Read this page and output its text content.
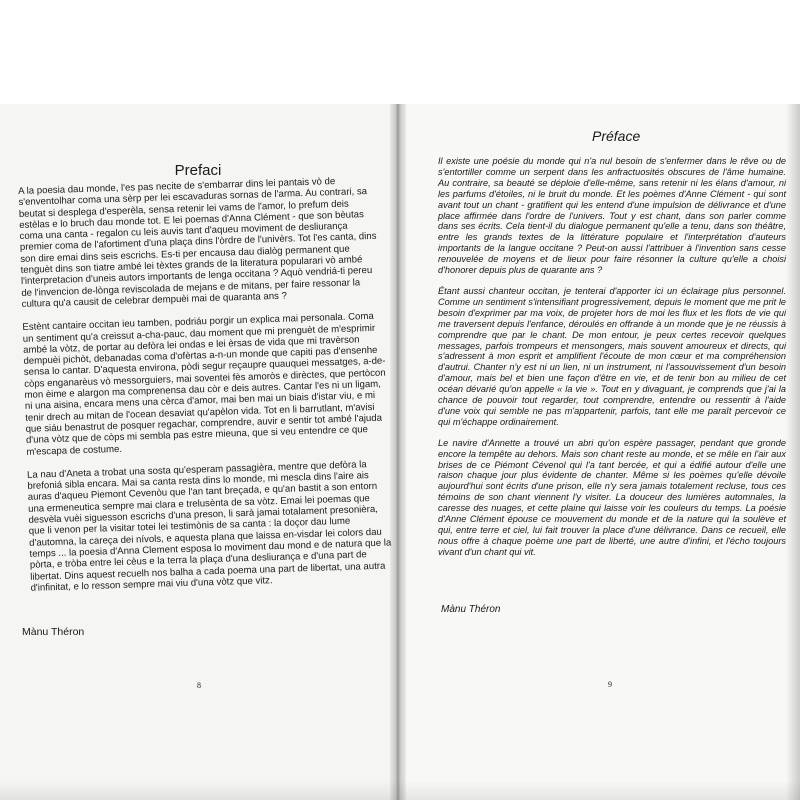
Prefaci

A la poesia dau monde, l'es pas necite de s'embarrar dins lei pantais vò de s'enventolhar coma una sèrp per lei escavaduras sornas de l'arma. Au contrari, sa beutat si desplega d'esperèla, sensa retenir lei vams de l'amor, lo prefum deis estèlas e lo bruch dau monde tot. E lei poemas d'Anna Clément - que son bèutas coma una canta - regalon cu leis auvis tant d'aqueu moviment de desliurança premier coma de l'afortiment d'una plaça dins l'òrdre de l'univèrs. Tot l'es canta, dins son dire emai dins seis escrichs. Es-ti per encausa dau dialòg permanent que tenguèt dins son tiatre ambé lei tèxtes grands de la literatura popularari vò ambé l'interpretacion d'uneis autors importants de lenga occitana ? Aquò vendriá-ti pereu de l'invencion de-lònga reviscolada de mejans e de mitans, per faire ressonar la cultura qu'a causit de celebrar dempuèi mai de quaranta ans ?

Estènt cantaire occitan ieu tamben, podriáu porgir un explica mai personala. Coma un sentiment qu'a creissut a-cha-pauc, dau moment que mi prenguèt de m'esprimir ambé la vòtz, de portar au defòra lei ondas e lei èrsas de vida que mi travèrson dempuèi pichòt, debanadas coma d'ofèrtas a-n-un monde que capiti pas d'ensenhe sensa lo cantar. D'aquesta environa, pòdi segur reçaupre quauquei messatges, a-de-còps enganarèus vò messorguiers, mai soventei fès amoròs e dirèctes, que pertòcon mon èime e alargon ma comprenensa dau còr e deis autres. Cantar l'es ni un ligam, ni una aisina, encara mens una cèrca d'amor, mai ben mai un biais d'istar viu, e mi tenir drech au mitan de l'ocean desaviat qu'apèlon vida. Tot en li barrutlant, m'avisi que siáu benastrut de posquer regachar, comprendre, auvir e sentir tot ambé l'ajuda d'una vòtz que de còps mi sembla pas estre mieuna, que si veu entendre ce que m'escapa de costume.

La nau d'Aneta a trobat una sosta qu'esperam passagièra, mentre que defòra la brefoniá sibla encara. Mai sa canta resta dins lo monde, mi mescla dins l'aire ais auras d'aqueu Piemont Cevenòu que l'an tant breçada, e qu'an bastit a son entorn una ermeneutica sempre mai clara e trelusènta de sa vòtz. Emai lei poemas que desvèla vuèi siguesson escrichs d'una preson, li sarà jamai totalament presonièra, que li venon per la visitar totei lei testimònis de sa canta : la doçor dau lume d'automna, la careça dei nívols, e aquesta plana que laissa en-visdar lei colors dau temps ... la poesia d'Anna Clement esposa lo moviment dau mond e de natura que la pòrta, e tròba entre lei cèus e la terra la plaça d'una desliurança e d'una part de libertat. Dins aquest recuelh nos balha a cada poema una part de libertat, una autra d'infinitat, e lo resson sempre mai viu d'una vòtz que vitz.

Mànu Théron
8
Préface

Il existe une poésie du monde qui n'a nul besoin de s'enfermer dans le rêve ou de s'entortiller comme un serpent dans les anfractuosités obscures de l'âme humaine. Au contraire, sa beauté se déploie d'elle-même, sans retenir ni les élans d'amour, ni les parfums d'étoiles, ni le bruit du monde. Et les poèmes d'Anne Clément - qui sont avant tout un chant - gratifient qui les entend d'une impulsion de délivrance et d'une place affirmée dans l'ordre de l'univers. Tout y est chant, dans son parler comme dans ses écrits. Cela tient-il du dialogue permanent qu'elle a tenu, dans son théâtre, entre les grands textes de la littérature populaire et l'interprétation d'auteurs importants de la langue occitane ? Peut-on aussi l'attribuer à l'invention sans cesse renouvelée de moyens et de lieux pour faire résonner la culture qu'elle a choisi d'honorer depuis plus de quarante ans ?

Étant aussi chanteur occitan, je tenterai d'apporter ici un éclairage plus personnel. Comme un sentiment s'intensifiant progressivement, depuis le moment que me prit le besoin d'exprimer par ma voix, de projeter hors de moi les flux et les flots de vie qui me traversent depuis l'enfance, déroulés en offrande à un monde que je ne réussis à comprendre que par le chant. De mon entour, je peux certes recevoir quelques messages, parfois trompeurs et mensongers, mais souvent amoureux et directs, qui s'adressent à mon esprit et amplifient l'écoute de mon cœur et ma compréhension d'autrui. Chanter n'y est ni un lien, ni un instrument, ni l'assouvissement d'un besoin d'amour, mais bel et bien une façon d'être en vie, et de tenir bon au milieu de cet océan dévarié qu'on appelle « la vie ». Tout en y divaguant, je comprends que j'ai la chance de pouvoir tout regarder, tout comprendre, entendre ou ressentir à l'aide d'une voix qui semble ne pas m'appartenir, parfois, tant elle me paraît percevoir ce qui m'échappe ordinairement.

Le navire d'Annette a trouvé un abri qu'on espère passager, pendant que gronde encore la tempête au dehors. Mais son chant reste au monde, et se mêle en l'air aux brises de ce Piémont Cévenol qui l'a tant bercée, et qui a édifié autour d'elle une raison chaque jour plus évidente de chanter. Même si les poèmes qu'elle dévoile aujourd'hui sont écrits d'une prison, elle n'y sera jamais totalement recluse, tous ces témoins de son chant viennent l'y visiter. La douceur des lumières automnales, la caresse des nuages, et cette plaine qui laisse voir les couleurs du temps. La poésie d'Anne Clément épouse ce mouvement du monde et de la nature qui la soulève et qui, entre terre et ciel, lui fait trouver la place d'une délivrance. Dans ce recueil, elle nous offre à chaque poème une part de liberté, une autre d'infini, et l'écho toujours vivant d'un chant qui vit.

Mànu Théron
9
